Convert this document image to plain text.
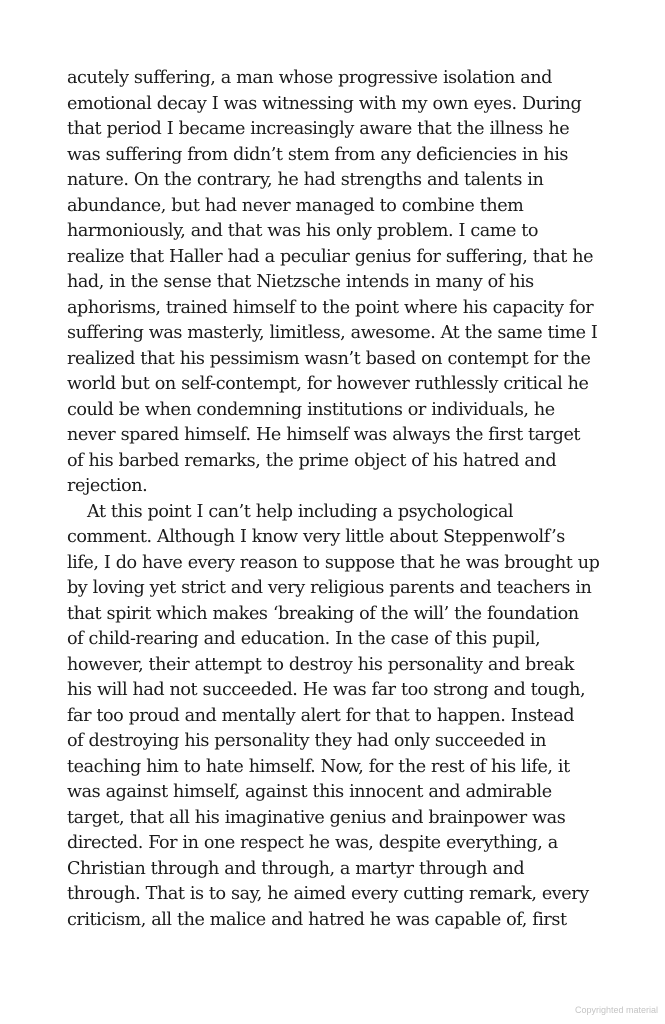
acutely suffering, a man whose progressive isolation and
emotional decay I was witnessing with my own eyes. During
that period I became increasingly aware that the illness he
was suffering from didn’t stem from any deficiencies in his
nature. On the contrary, he had strengths and talents in
abundance, but had never managed to combine them
harmoniously, and that was his only problem. I came to
realize that Haller had a peculiar genius for suffering, that he
had, in the sense that Nietzsche intends in many of his
aphorisms, trained himself to the point where his capacity for
suffering was masterly, limitless, awesome. At the same time I
realized that his pessimism wasn’t based on contempt for the
world but on self-contempt, for however ruthlessly critical he
could be when condemning institutions or individuals, he
never spared himself. He himself was always the first target
of his barbed remarks, the prime object of his hatred and
rejection.
At this point I can’t help including a psychological
comment. Although I know very little about Steppenwolf’s
life, I do have every reason to suppose that he was brought up
by loving yet strict and very religious parents and teachers in
that spirit which makes ‘breaking of the will’ the foundation
of child-rearing and education. In the case of this pupil,
however, their attempt to destroy his personality and break
his will had not succeeded. He was far too strong and tough,
far too proud and mentally alert for that to happen. Instead
of destroying his personality they had only succeeded in
teaching him to hate himself. Now, for the rest of his life, it
was against himself, against this innocent and admirable
target, that all his imaginative genius and brainpower was
directed. For in one respect he was, despite everything, a
Christian through and through, a martyr through and
through. That is to say, he aimed every cutting remark, every
criticism, all the malice and hatred he was capable of, first
Copyrighted material
